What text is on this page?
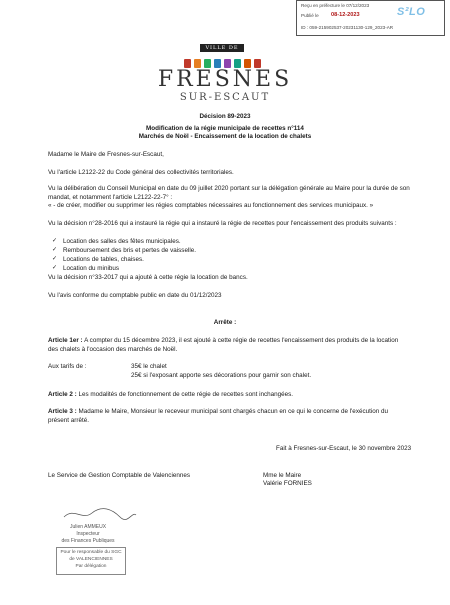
Reçu en préfecture le 07/12/2023
Publié le 08-12-2023	S²LO
ID : 059-215902537-20231130-129_2023-AR
VILLE DE
FRESNES
SUR-ESCAUT
Décision 89-2023
Modification de la régie municipale de recettes n°114
Marchés de Noël - Encaissement de la location de chalets
Madame le Maire de Fresnes-sur-Escaut,
Vu l'article L2122-22 du Code général des collectivités territoriales.
Vu la délibération du Conseil Municipal en date du 09 juillet 2020 portant sur la délégation générale au Maire pour la durée de son mandat, et notamment l'article L2122-22-7° :
« - de créer, modifier ou supprimer les régies comptables nécessaires au fonctionnement des services municipaux. »
Vu la décision n°28-2016 qui a instauré la régie qui a instauré la régie de recettes pour l'encaissement des produits suivants :
✓ Location des salles des fêtes municipales.
✓ Remboursement des bris et pertes de vaisselle.
✓ Locations de tables, chaises.
✓ Location du minibus
Vu la décision n°33-2017 qui a ajouté à cette régie la location de bancs.
Vu l'avis conforme du comptable public en date du 01/12/2023
Arrête :
Article 1er : A compter du 15 décembre 2023, il est ajouté à cette régie de recettes l'encaissement des produits de la location des chalets à l'occasion des marchés de Noël.
Aux tarifs de :	35€ le chalet
25€ si l'exposant apporte ses décorations pour garnir son chalet.
Article 2 : Les modalités de fonctionnement de cette régie de recettes sont inchangées.
Article 3 : Madame le Maire, Monsieur le receveur municipal sont chargés chacun en ce qui le concerne de l'exécution du présent arrêté.
Fait à Fresnes-sur-Escaut, le 30 novembre 2023
Le Service de Gestion Comptable de Valenciennes	Mme le Maire
Valérie FORNIES
Julien AMMEUX
Inspecteur
des Finances Publiques
Pour le responsable du SGC
de VALENCIENNES
Par délégation
